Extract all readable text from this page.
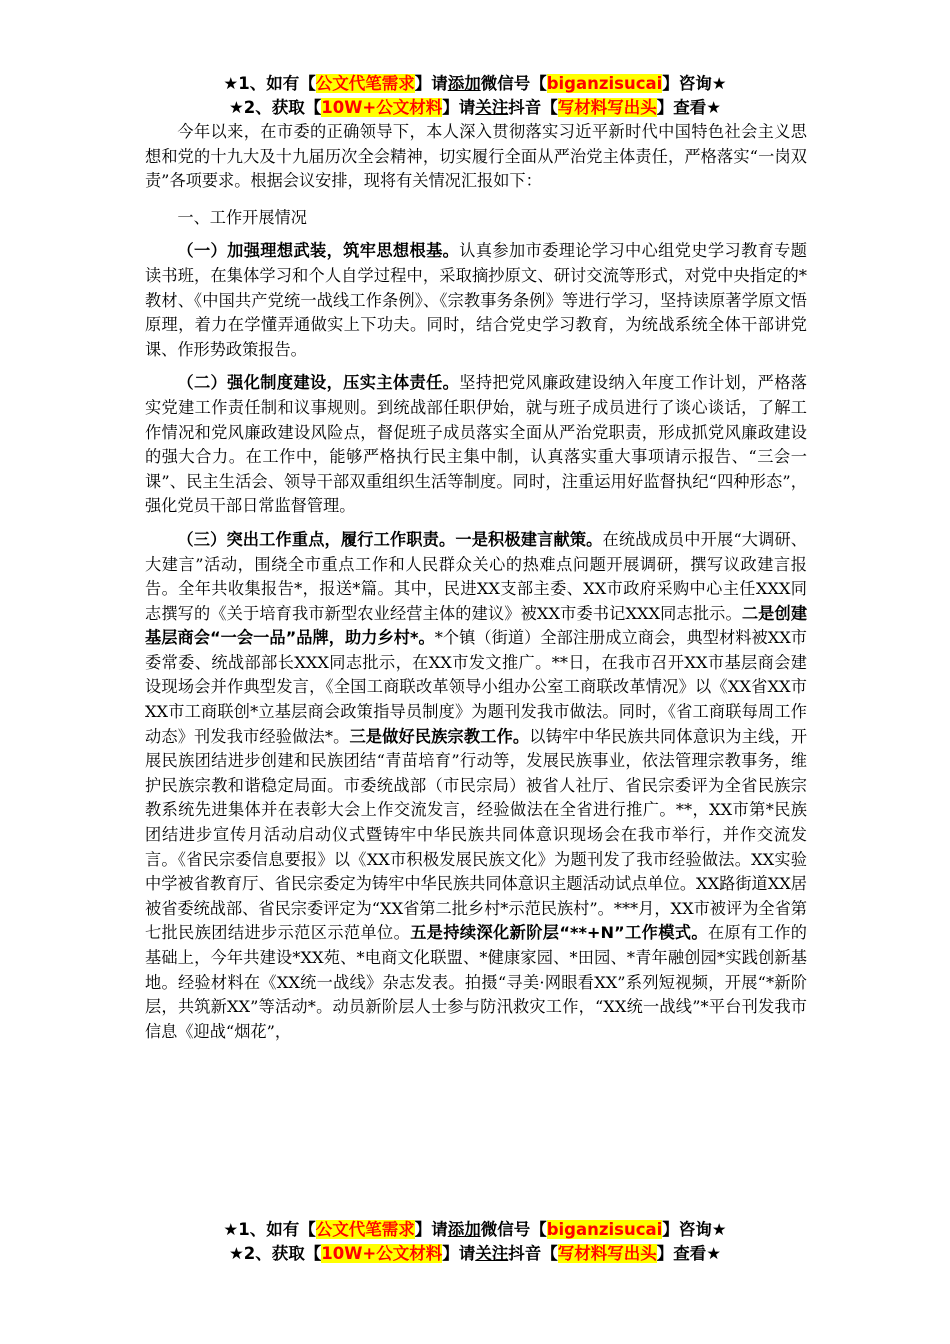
★1、如有【公文代笔需求】请添加微信号【biganzisucai】咨询★
★2、获取【10W+公文材料】请关注抖音【写材料写出头】查看★

今年以来，在市委的正确领导下，本人深入贯彻落实习近平新时代中国特色社会主义思想和党的十九大及十九届历次全会精神，切实履行全面从严治党主体责任，严格落实“一岗双责”各项要求。根据会议安排，现将有关情况汇报如下：

一、工作开展情况

（一）加强理想武装，筑牢思想根基。认真参加市委理论学习中心组党史学习教育专题读书班，在集体学习和个人自学过程中，采取摘抄原文、研讨交流等形式，对党中央指定的*教材、《中国共产党统一战线工作条例》、《宗教事务条例》等进行学习，坚持读原著学原文悟原理，着力在学懂弄通做实上下功夫。同时，结合党史学习教育，为统战系统全体干部讲党课、作形势政策报告。

（二）强化制度建设，压实主体责任。坚持把党风廉政建设纳入年度工作计划，严格落实党建工作责任制和议事规则。到统战部任职伊始，就与班子成员进行了谈心谈话，了解工作情况和党风廉政建设风险点，督促班子成员落实全面从严治党职责，形成抓党风廉政建设的强大合力。在工作中，能够严格执行民主集中制，认真落实重大事项请示报告、“三会一课”、民主生活会、领导干部双重组织生活等制度。同时，注重运用好监督执纪“四种形态”，强化党员干部日常监督管理。

（三）突出工作重点，履行工作职责。一是积极建言献策。在统战成员中开展“大调研、大建言”活动，围绕全市重点工作和人民群众关心的热难点问题开展调研，撰写议政建言报告。全年共收集报告*，报送*篇。其中，民进XX支部主委、XX市政府采购中心主任XXX同志撰写的《关于培育我市新型农业经营主体的建议》被XX市委书记XXX同志批示。二是创建基层商会“一会一品”品牌，助力乡村*。*个镇（街道）全部注册成立商会，典型材料被XX市委常委、统战部部长XXX同志批示，在XX市发文推广。**日，在我市召开XX市基层商会建设现场会并作典型发言，《全国工商联改革领导小组办公室工商联改革情况》以《XX省XX市XX市工商联创*立基层商会政策指导员制度》为题刊发我市做法。同时，《省工商联每周工作动态》刊发我市经验做法*。三是做好民族宗教工作。以铸牢中华民族共同体意识为主线，开展民族团结进步创建和民族团结“青苗培育”行动等，发展民族事业，依法管理宗教事务，维护民族宗教和谐稳定局面。市委统战部（市民宗局）被省人社厅、省民宗委评为全省民族宗教系统先进集体并在表彰大会上作交流发言，经验做法在全省进行推广。**，XX市第*民族团结进步宣传月活动启动仪式暨铸牢中华民族共同体意识现场会在我市举行，并作交流发言。《省民宗委信息要报》以《XX市积极发展民族文化》为题刊发了我市经验做法。XX实验中学被省教育厅、省民宗委定为铸牢中华民族共同体意识主题活动试点单位。XX路街道XX居被省委统战部、省民宗委评定为“XX省第二批乡村*示范民族村”。***月，XX市被评为全省第七批民族团结进步示范区示范单位。五是持续深化新阶层“**+N”工作模式。在原有工作的基础上，今年共建设*XX苑、*电商文化联盟、*健康家园、*田园、*青年融创园*实践创新基地。经验材料在《XX统一战线》杂志发表。拍摄“寻美·网眼看XX”系列短视频，开展“*新阶层，共筑新XX”等活动*。动员新阶层人士参与防汛救灾工作，“XX统一战线”*平台刊发我市信息《迎战“烟花”，

★1、如有【公文代笔需求】请添加微信号【biganzisucai】咨询★
★2、获取【10W+公文材料】请关注抖音【写材料写出头】查看★
